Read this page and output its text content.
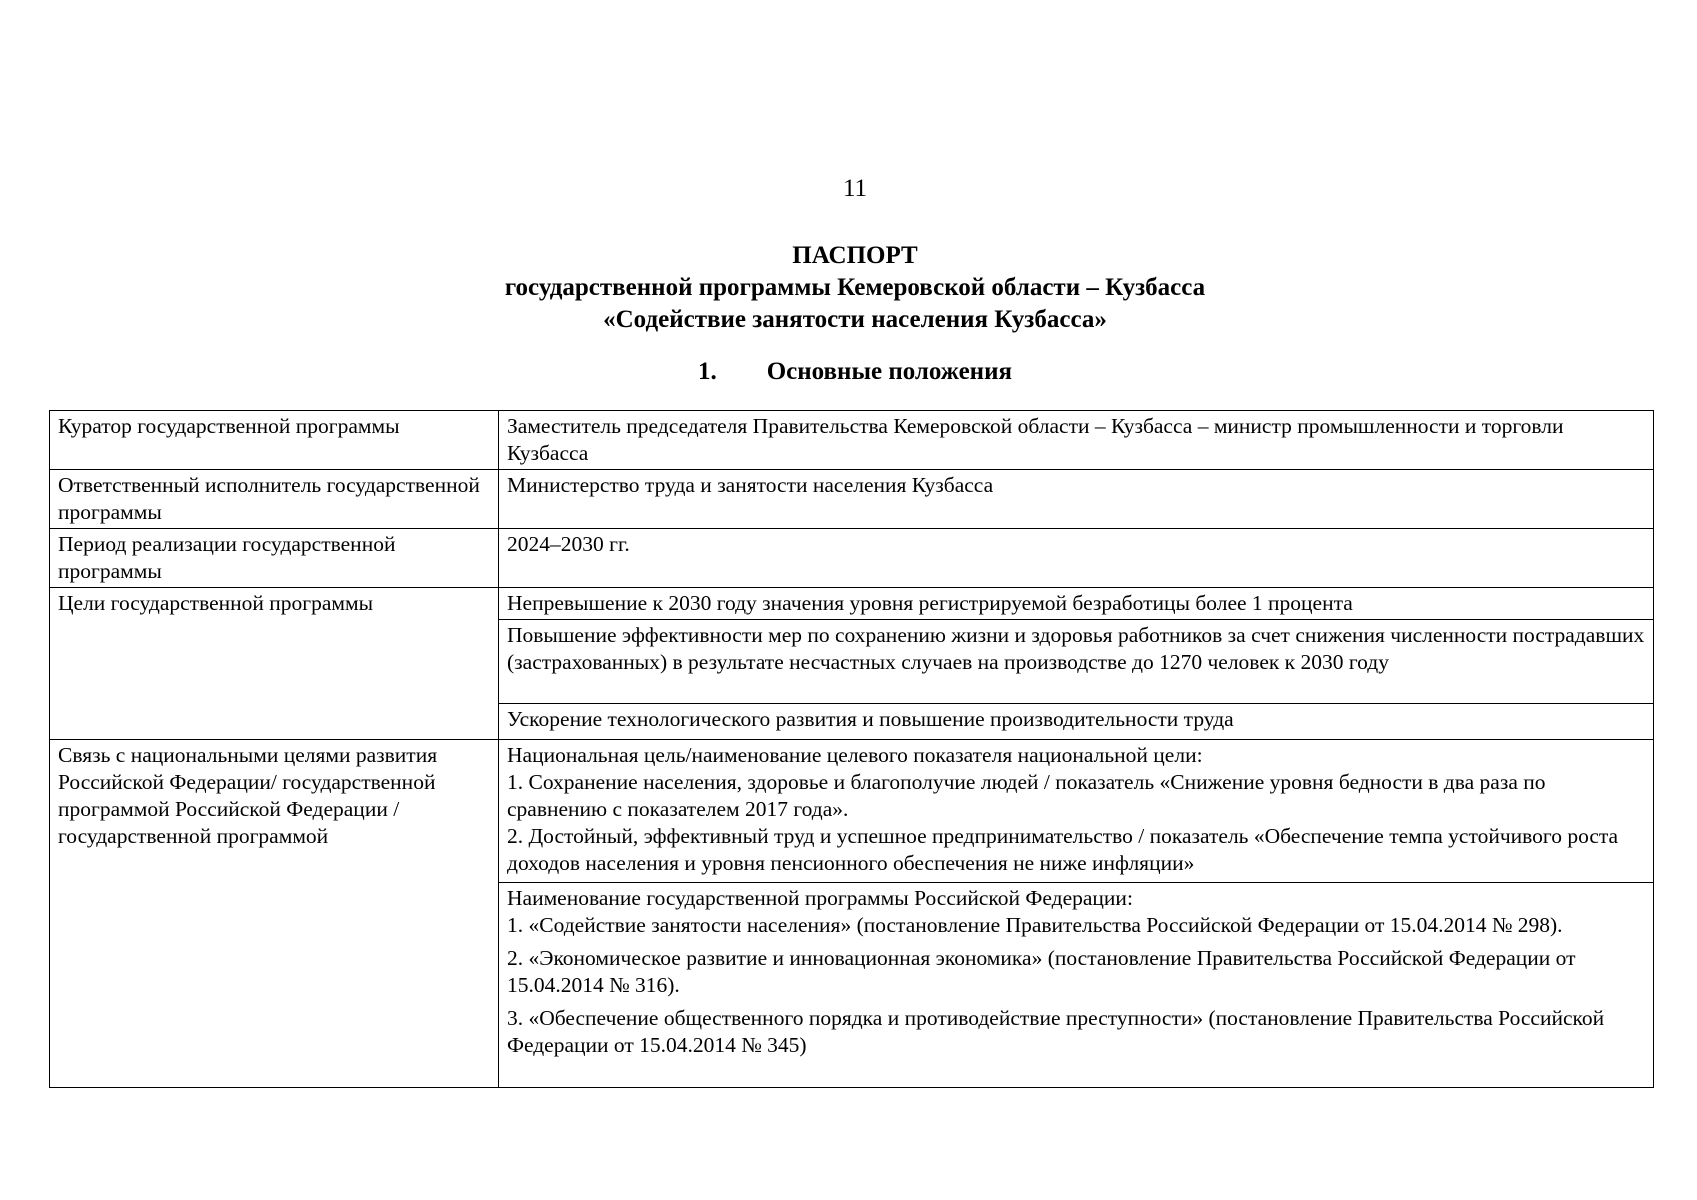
11
ПАСПОРТ
государственной программы Кемеровской области – Кузбасса
«Содействие занятости населения Кузбасса»
1. Основные положения
Куратор государственной программы	Заместитель председателя Правительства Кемеровской области – Кузбасса – министр промышленности и торговли Кузбасса
Ответственный исполнитель государственной программы	Министерство труда и занятости населения Кузбасса
Период реализации государственной программы	2024–2030 гг.
Цели государственной программы	Непревышение к 2030 году значения уровня регистрируемой безработицы более 1 процента
	Повышение эффективности мер по сохранению жизни и здоровья работников за счет снижения численности пострадавших (застрахованных) в результате несчастных случаев на производстве до 1270 человек к 2030 году
	Ускорение технологического развития и повышение производительности труда
Связь с национальными целями развития Российской Федерации/ государственной программой Российской Федерации / государственной программой	Национальная цель/наименование целевого показателя национальной цели:
1. Сохранение населения, здоровье и благополучие людей / показатель «Снижение уровня бедности в два раза по сравнению с показателем 2017 года».
2. Достойный, эффективный труд и успешное предпринимательство / показатель «Обеспечение темпа устойчивого роста доходов населения и уровня пенсионного обеспечения не ниже инфляции»

	Наименование государственной программы Российской Федерации:
1. «Содействие занятости населения» (постановление Правительства Российской Федерации от 15.04.2014 № 298).
2. «Экономическое развитие и инновационная экономика» (постановление Правительства Российской Федерации от 15.04.2014 № 316).
3. «Обеспечение общественного порядка и противодействие преступности» (постановление Правительства Российской Федерации от 15.04.2014 № 345)
